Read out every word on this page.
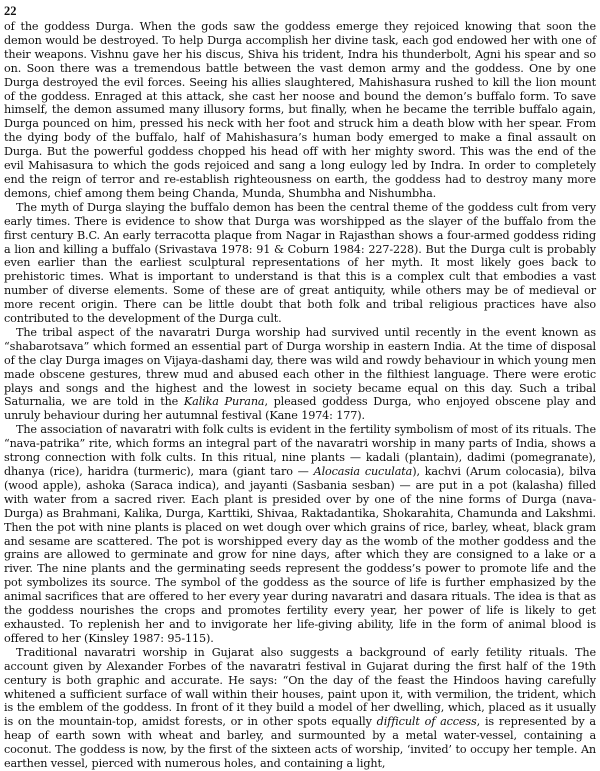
22

of the goddess Durga. When the gods saw the goddess emerge they rejoiced knowing that soon the demon would be destroyed. To help Durga accomplish her divine task, each god endowed her with one of their weapons. Vishnu gave her his discus, Shiva his trident, Indra his thunderbolt, Agni his spear and so on. Soon there was a tremendous battle between the vast demon army and the goddess. One by one Durga destroyed the evil forces. Seeing his allies slaughtered, Mahishasura rushed to kill the lion mount of the goddess. Enraged at this attack, she cast her noose and bound the demon’s buffalo form. To save himself, the demon assumed many illusory forms, but finally, when he became the terrible buffalo again, Durga pounced on him, pressed his neck with her foot and struck him a death blow with her spear. From the dying body of the buffalo, half of Mahishasura’s human body emerged to make a final assault on Durga. But the powerful goddess chopped his head off with her mighty sword. This was the end of the evil Mahisasura to which the gods rejoiced and sang a long eulogy led by Indra. In order to completely end the reign of terror and re-establish righteousness on earth, the goddess had to destroy many more demons, chief among them being Chanda, Munda, Shumbha and Nishumbha.

The myth of Durga slaying the buffalo demon has been the central theme of the goddess cult from very early times. There is evidence to show that Durga was worshipped as the slayer of the buffalo from the first century B.C. An early terracotta plaque from Nagar in Rajasthan shows a four-armed goddess riding a lion and killing a buffalo (Srivastava 1978: 91 & Coburn 1984: 227-228). But the Durga cult is probably even earlier than the earliest sculptural representations of her myth. It most likely goes back to prehistoric times. What is important to understand is that this is a complex cult that embodies a vast number of diverse elements. Some of these are of great antiquity, while others may be of medieval or more recent origin. There can be little doubt that both folk and tribal religious practices have also contributed to the development of the Durga cult.

The tribal aspect of the navaratri Durga worship had survived until recently in the event known as “shabarotsava” which formed an essential part of Durga worship in eastern India. At the time of disposal of the clay Durga images on Vijaya-dashami day, there was wild and rowdy behaviour in which young men made obscene gestures, threw mud and abused each other in the filthiest language. There were erotic plays and songs and the highest and the lowest in society became equal on this day. Such a tribal Saturnalia, we are told in the Kalika Purana, pleased goddess Durga, who enjoyed obscene play and unruly behaviour during her autumnal festival (Kane 1974: 177).

The association of navaratri with folk cults is evident in the fertility symbolism of most of its rituals. The “nava-patrika” rite, which forms an integral part of the navaratri worship in many parts of India, shows a strong connection with folk cults. In this ritual, nine plants — kadali (plantain), dadimi (pomegranate), dhanya (rice), haridra (turmeric), mara (giant taro — Alocasia cuculata), kachvi (Arum colocasia), bilva (wood apple), ashoka (Saraca indica), and jayanti (Sasbania sesban) — are put in a pot (kalasha) filled with water from a sacred river. Each plant is presided over by one of the nine forms of Durga (nava-Durga) as Brahmani, Kalika, Durga, Karttiki, Shivaa, Raktadantika, Shokarahita, Chamunda and Lakshmi. Then the pot with nine plants is placed on wet dough over which grains of rice, barley, wheat, black gram and sesame are scattered. The pot is worshipped every day as the womb of the mother goddess and the grains are allowed to germinate and grow for nine days, after which they are consigned to a lake or a river. The nine plants and the germinating seeds represent the goddess’s power to promote life and the pot symbolizes its source. The symbol of the goddess as the source of life is further emphasized by the animal sacrifices that are offered to her every year during navaratri and dasara rituals. The idea is that as the goddess nourishes the crops and promotes fertility every year, her power of life is likely to get exhausted. To replenish her and to invigorate her life-giving ability, life in the form of animal blood is offered to her (Kinsley 1987: 95-115).

Traditional navaratri worship in Gujarat also suggests a background of early fetility rituals. The account given by Alexander Forbes of the navaratri festival in Gujarat during the first half of the 19th century is both graphic and accurate. He says: “On the day of the feast the Hindoos having carefully whitened a sufficient surface of wall within their houses, paint upon it, with vermilion, the trident, which is the emblem of the goddess. In front of it they build a model of her dwelling, which, placed as it usually is on the mountain-top, amidst forests, or in other spots equally difficult of access, is represented by a heap of earth sown with wheat and barley, and surmounted by a metal water-vessel, containing a coconut. The goddess is now, by the first of the sixteen acts of worship, ‘invited’ to occupy her temple. An earthen vessel, pierced with numerous holes, and containing a light,
